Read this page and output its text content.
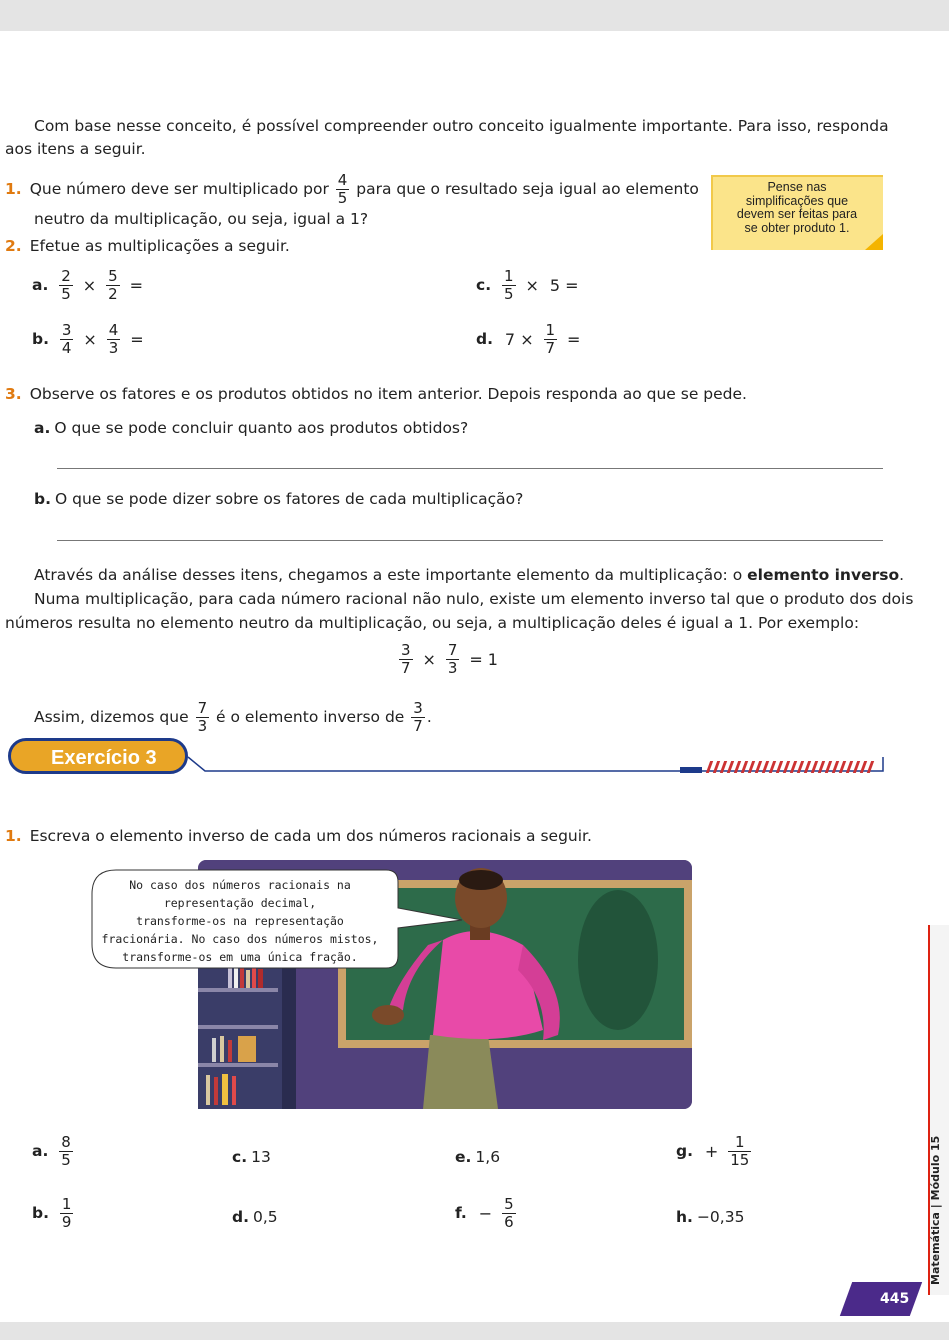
Com base nesse conceito, é possível compreender outro conceito igualmente importante. Para isso, responda
aos itens a seguir.
1. Que número deve ser multiplicado por $\frac{4}{5}$ para que o resultado seja igual ao elemento
neutro da multiplicação, ou seja, igual a 1?
Pense nas
simplificações que
devem ser feitas para
se obter produto 1.
2. Efetue as multiplicações a seguir.
a. $\frac{2}{5} \times \frac{5}{2}$ =
b. $\frac{3}{4} \times \frac{4}{3}$ =
c. $\frac{1}{5} \times 5$ =
d. $7 \times \frac{1}{7}$ =
3. Observe os fatores e os produtos obtidos no item anterior. Depois responda ao que se pede.
a. O que se pode concluir quanto aos produtos obtidos?
b. O que se pode dizer sobre os fatores de cada multiplicação?
Através da análise desses itens, chegamos a este importante elemento da multiplicação: o elemento inverso.
Numa multiplicação, para cada número racional não nulo, existe um elemento inverso tal que o produto dos dois
números resulta no elemento neutro da multiplicação, ou seja, a multiplicação deles é igual a 1. Por exemplo:
$\frac{3}{7} \times \frac{7}{3} = 1$
Assim, dizemos que $\frac{7}{3}$ é o elemento inverso de $\frac{3}{7}$ .
Exercício 3
1. Escreva o elemento inverso de cada um dos números racionais a seguir.
No caso dos números racionais na
representação decimal,
transforme-os na representação
fracionária. No caso dos números mistos,
transforme-os em uma única fração.
a. $\frac{8}{5}$
b. $\frac{1}{9}$
c. 13
d. 0,5
e. 1,6
f. − $\frac{5}{6}$
g. + $\frac{1}{15}$
h. −0,35	Matemática | Módulo 15
445
